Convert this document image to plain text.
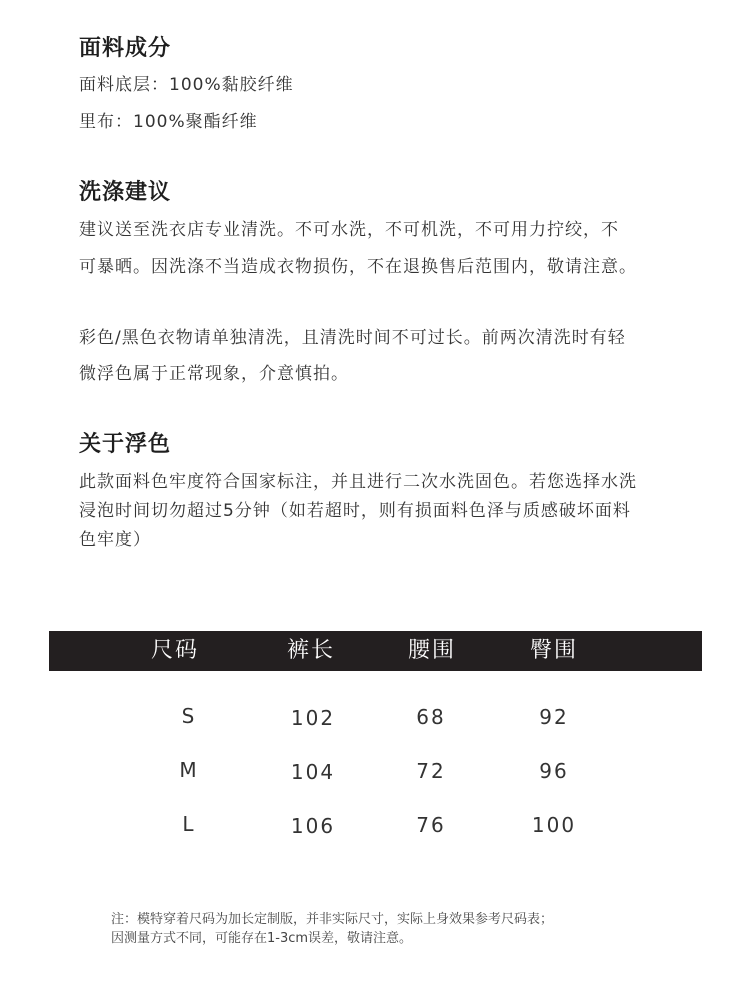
面料成分
面料底层：100%黏胶纤维
里布：100%聚酯纤维
洗涤建议
建议送至洗衣店专业清洗。不可水洗，不可机洗，不可用力拧绞，不
可暴晒。因洗涤不当造成衣物损伤，不在退换售后范围内，敬请注意。
彩色/黑色衣物请单独清洗，且清洗时间不可过长。前两次清洗时有轻
微浮色属于正常现象，介意慎拍。
关于浮色
此款面料色牢度符合国家标注，并且进行二次水洗固色。若您选择水洗
浸泡时间切勿超过5分钟（如若超时，则有损面料色泽与质感破坏面料
色牢度）
尺码	裤长	腰围	臀围
S	102	68	92
M	104	72	96
L	106	76	100
注：模特穿着尺码为加长定制版，并非实际尺寸，实际上身效果参考尺码表；
因测量方式不同，可能存在1-3cm误差，敬请注意。
